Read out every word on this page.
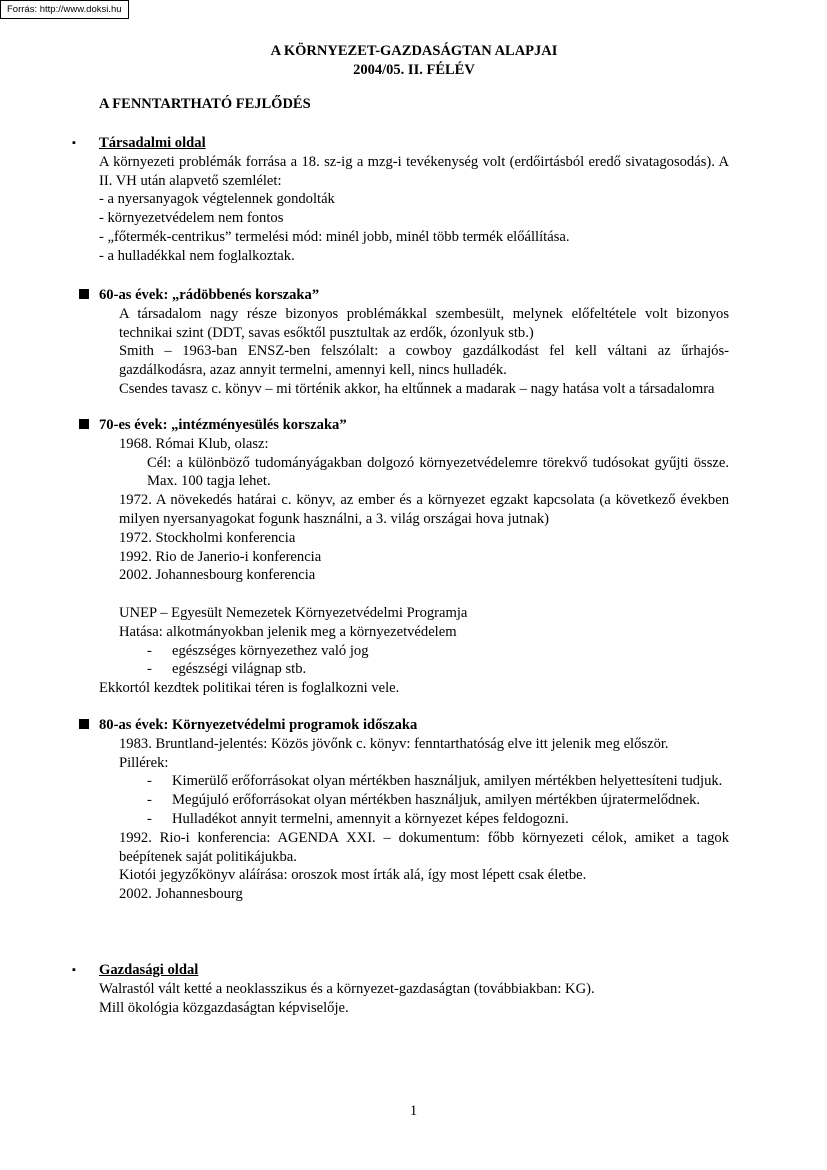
Forrás: http://www.doksi.hu
A KÖRNYEZET-GAZDASÁGTAN ALAPJAI
2004/05. II. FÉLÉV
A FENNTARTHATÓ FEJLŐDÉS
▪ Társadalmi oldal

A környezeti problémák forrása a 18. sz-ig a mzg-i tevékenység volt (erdőirtásból eredő sivatagosodás). A II. VH után alapvető szemlélet:

- a nyersanyagok végtelennek gondolták

- környezetvédelem nem fontos

- „főtermék-centrikus” termelési mód: minél jobb, minél több termék előállítása.

- a hulladékkal nem foglalkoztak.

60-as évek: „rádöbbenés korszaka”

A társadalom nagy része bizonyos problémákkal szembesült, melynek előfeltétele volt bizonyos technikai szint (DDT, savas esőktől pusztultak az erdők, ózonlyuk stb.)

Smith – 1963-ban ENSZ-ben felszólalt: a cowboy gazdálkodást fel kell váltani az űrhajós-gazdálkodásra, azaz annyit termelni, amennyi kell, nincs hulladék.

Csendes tavasz c. könyv – mi történik akkor, ha eltűnnek a madarak – nagy hatása volt a társadalomra

70-es évek: „intézményesülés korszaka”

1968. Római Klub, olasz:

Cél: a különböző tudományágakban dolgozó környezetvédelemre törekvő tudósokat gyűjti össze. Max. 100 tagja lehet.

1972. A növekedés határai c. könyv, az ember és a környezet egzakt kapcsolata (a következő években milyen nyersanyagokat fogunk használni, a 3. világ országai hova jutnak)

1972. Stockholmi konferencia

1992. Rio de Janerio-i konferencia

2002. Johannesbourg konferencia

UNEP – Egyesült Nemezetek Környezetvédelmi Programja

Hatása: alkotmányokban jelenik meg a környezetvédelem

- egészséges környezethez való jog
- egészségi világnap stb.

Ekkortól kezdtek politikai téren is foglalkozni vele.

80-as évek: Környezetvédelmi programok időszaka

1983. Bruntland-jelentés: Közös jövőnk c. könyv: fenntarthatóság elve itt jelenik meg először.

Pillérek:

- Kimerülő erőforrásokat olyan mértékben használjuk, amilyen mértékben helyettesíteni tudjuk.
- Megújuló erőforrásokat olyan mértékben használjuk, amilyen mértékben újratermelődnek.
- Hulladékot annyit termelni, amennyit a környezet képes feldogozni.

1992. Rio-i konferencia: AGENDA XXI. – dokumentum: főbb környezeti célok, amiket a tagok beépítenek saját politikájukba.

Kiotói jegyzőkönyv aláírása: oroszok most írták alá, így most lépett csak életbe.

2002. Johannesbourg

▪ Gazdasági oldal

Walrastól vált ketté a neoklasszikus és a környezet-gazdaságtan (továbbiakban: KG).

Mill ökológia közgazdaságtan képviselője.

1
